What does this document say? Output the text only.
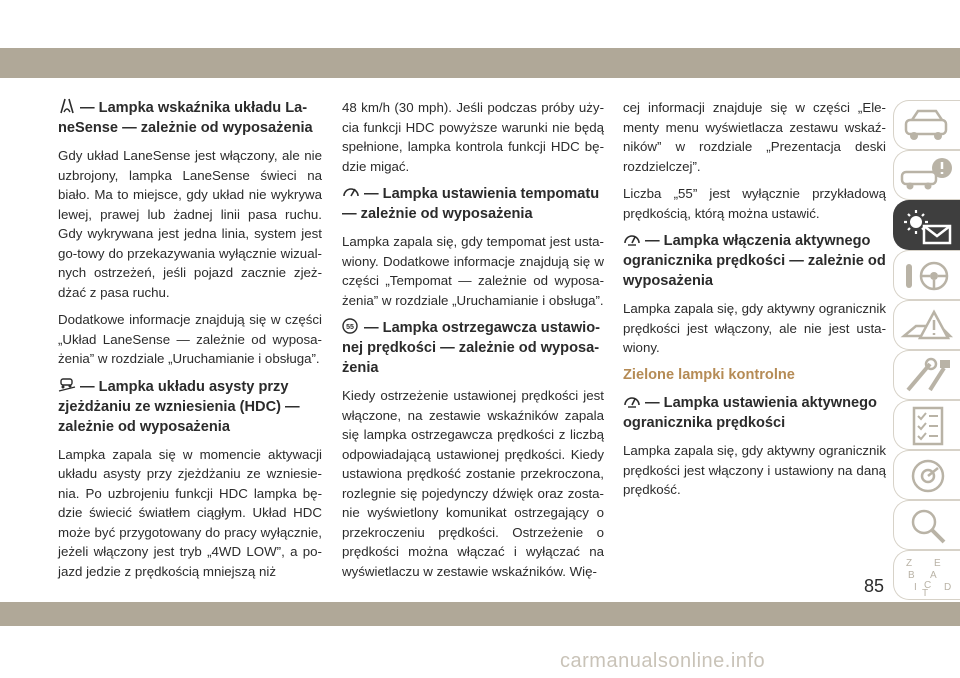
— Lampka wskaźnika układu La-neSense — zależnie od wyposażenia

Gdy układ LaneSense jest włączony, ale nie uzbrojony, lampka LaneSense świeci na biało. Ma to miejsce, gdy układ nie wykrywa lewej, prawej lub żadnej linii pasa ruchu. Gdy wykrywana jest jedna linia, system jest go-towy do przekazywania wyłącznie wizual-nych ostrzeżeń, jeśli pojazd zacznie zjeż-dżać z pasa ruchu.

Dodatkowe informacje znajdują się w części „Układ LaneSense — zależnie od wyposa-żenia” w rozdziale „Uruchamianie i obsługa”.

— Lampka układu asysty przy zjeżdżaniu ze wzniesienia (HDC) — zależnie od wyposażenia

Lampka zapala się w momencie aktywacji układu asysty przy zjeżdżaniu ze wzniesie-nia. Po uzbrojeniu funkcji HDC lampka bę-dzie świecić światłem ciągłym. Układ HDC może być przygotowany do pracy wyłącznie, jeżeli włączony jest tryb „4WD LOW”, a po-jazd jedzie z prędkością mniejszą niż

48 km/h (30 mph). Jeśli podczas próby uży-cia funkcji HDC powyższe warunki nie będą spełnione, lampka kontrola funkcji HDC bę-dzie migać.

— Lampka ustawienia tempomatu — zależnie od wyposażenia

Lampka zapala się, gdy tempomat jest usta-wiony. Dodatkowe informacje znajdują się w części „Tempomat — zależnie od wyposa-żenia” w rozdziale „Uruchamianie i obsługa”.

55 — Lampka ostrzegawcza ustawio-nej prędkości — zależnie od wyposa-żenia

Kiedy ostrzeżenie ustawionej prędkości jest włączone, na zestawie wskaźników zapala się lampka ostrzegawcza prędkości z liczbą odpowiadającą ustawionej prędkości. Kiedy ustawiona prędkość zostanie przekroczona, rozlegnie się pojedynczy dźwięk oraz zosta-nie wyświetlony komunikat ostrzegający o przekroczeniu prędkości. Ostrzeżenie o prędkości można włączać i wyłączać na wyświetlaczu w zestawie wskaźników. Wię-

cej informacji znajduje się w części „Ele-menty menu wyświetlacza zestawu wskaź-ników” w rozdziale „Prezentacja deski rozdzielczej”.

Liczba „55” jest wyłącznie przykładową prędkością, którą można ustawić.

— Lampka włączenia aktywnego ogranicznika prędkości — zależnie od wyposażenia

Lampka zapala się, gdy aktywny ogranicznik prędkości jest włączony, ale nie jest usta-wiony.

Zielone lampki kontrolne
— Lampka ustawienia aktywnego ogranicznika prędkości

Lampka zapala się, gdy aktywny ogranicznik prędkości jest włączony i ustawiony na daną prędkość.

Z E
B A
I C
T
D
85
carmanualsonline.info
